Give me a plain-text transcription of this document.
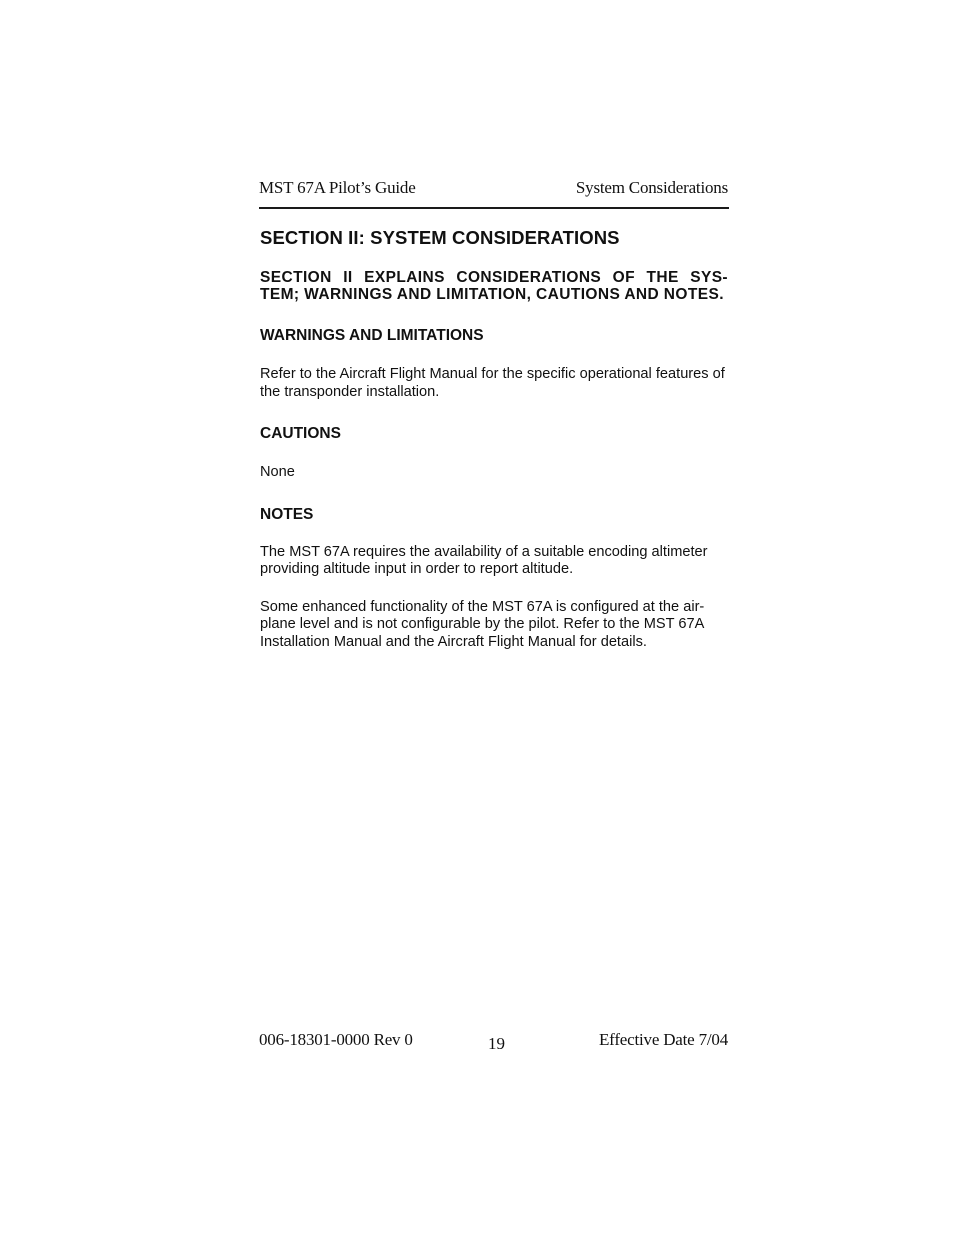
MST 67A Pilot’s Guide	System Considerations
SECTION II: SYSTEM CONSIDERATIONS

SECTION II EXPLAINS CONSIDERATIONS OF THE SYS- TEM; WARNINGS AND LIMITATION, CAUTIONS AND NOTES.

WARNINGS AND LIMITATIONS

Refer to the Aircraft Flight Manual for the specific operational features of the transponder installation.

CAUTIONS

None

NOTES

The MST 67A requires the availability of a suitable encoding altimeter providing altitude input in order to report altitude.

Some enhanced functionality of the MST 67A is configured at the air- plane level and is not configurable by the pilot. Refer to the MST 67A Installation Manual and the Aircraft Flight Manual for details.

006-18301-0000 Rev 0	19	Effective Date 7/04
